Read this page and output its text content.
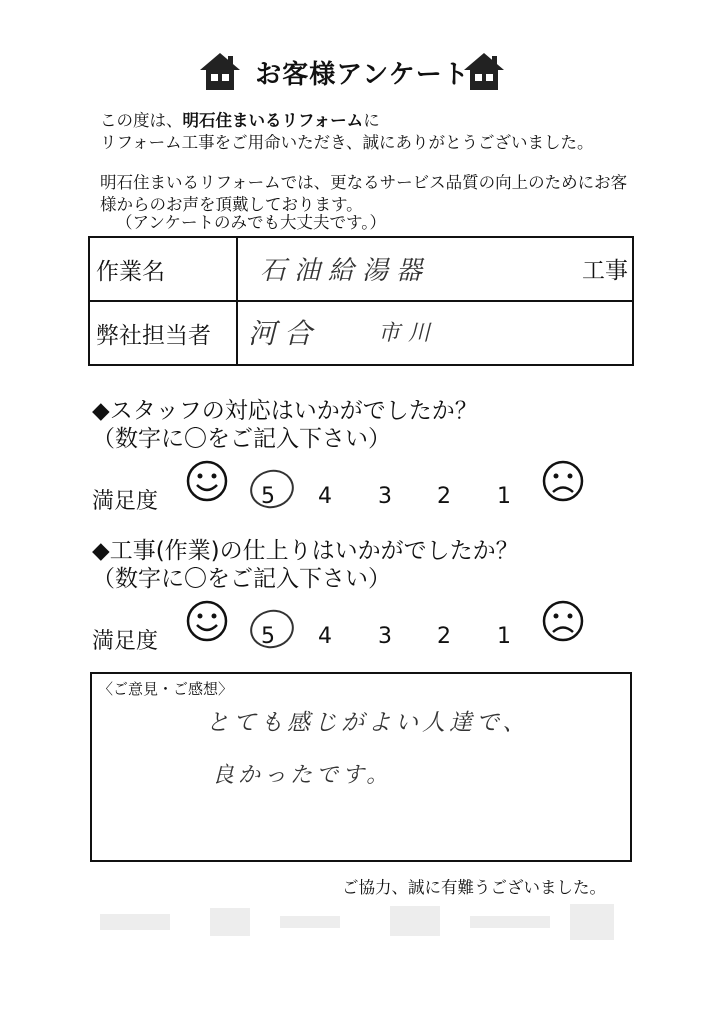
お客様アンケート
この度は、明石住まいるリフォームに
リフォーム工事をご用命いただき、誠にありがとうございました。
明石住まいるリフォームでは、更なるサービス品質の向上のためにお客
様からのお声を頂戴しております。
（アンケートのみでも大丈夫です。）
作業名	石油給湯器 工事

弊社担当者	河合 市川
◆スタッフの対応はいかがでしたか？
（数字に〇をご記入下さい）
満足度	5 4 3 2 1
◆工事(作業)の仕上りはいかがでしたか？
（数字に〇をご記入下さい）
満足度	5 4 3 2 1
〈ご意見・ご感想〉
とても感じがよい人達で、
良かったです。
ご協力、誠に有難うございました。
